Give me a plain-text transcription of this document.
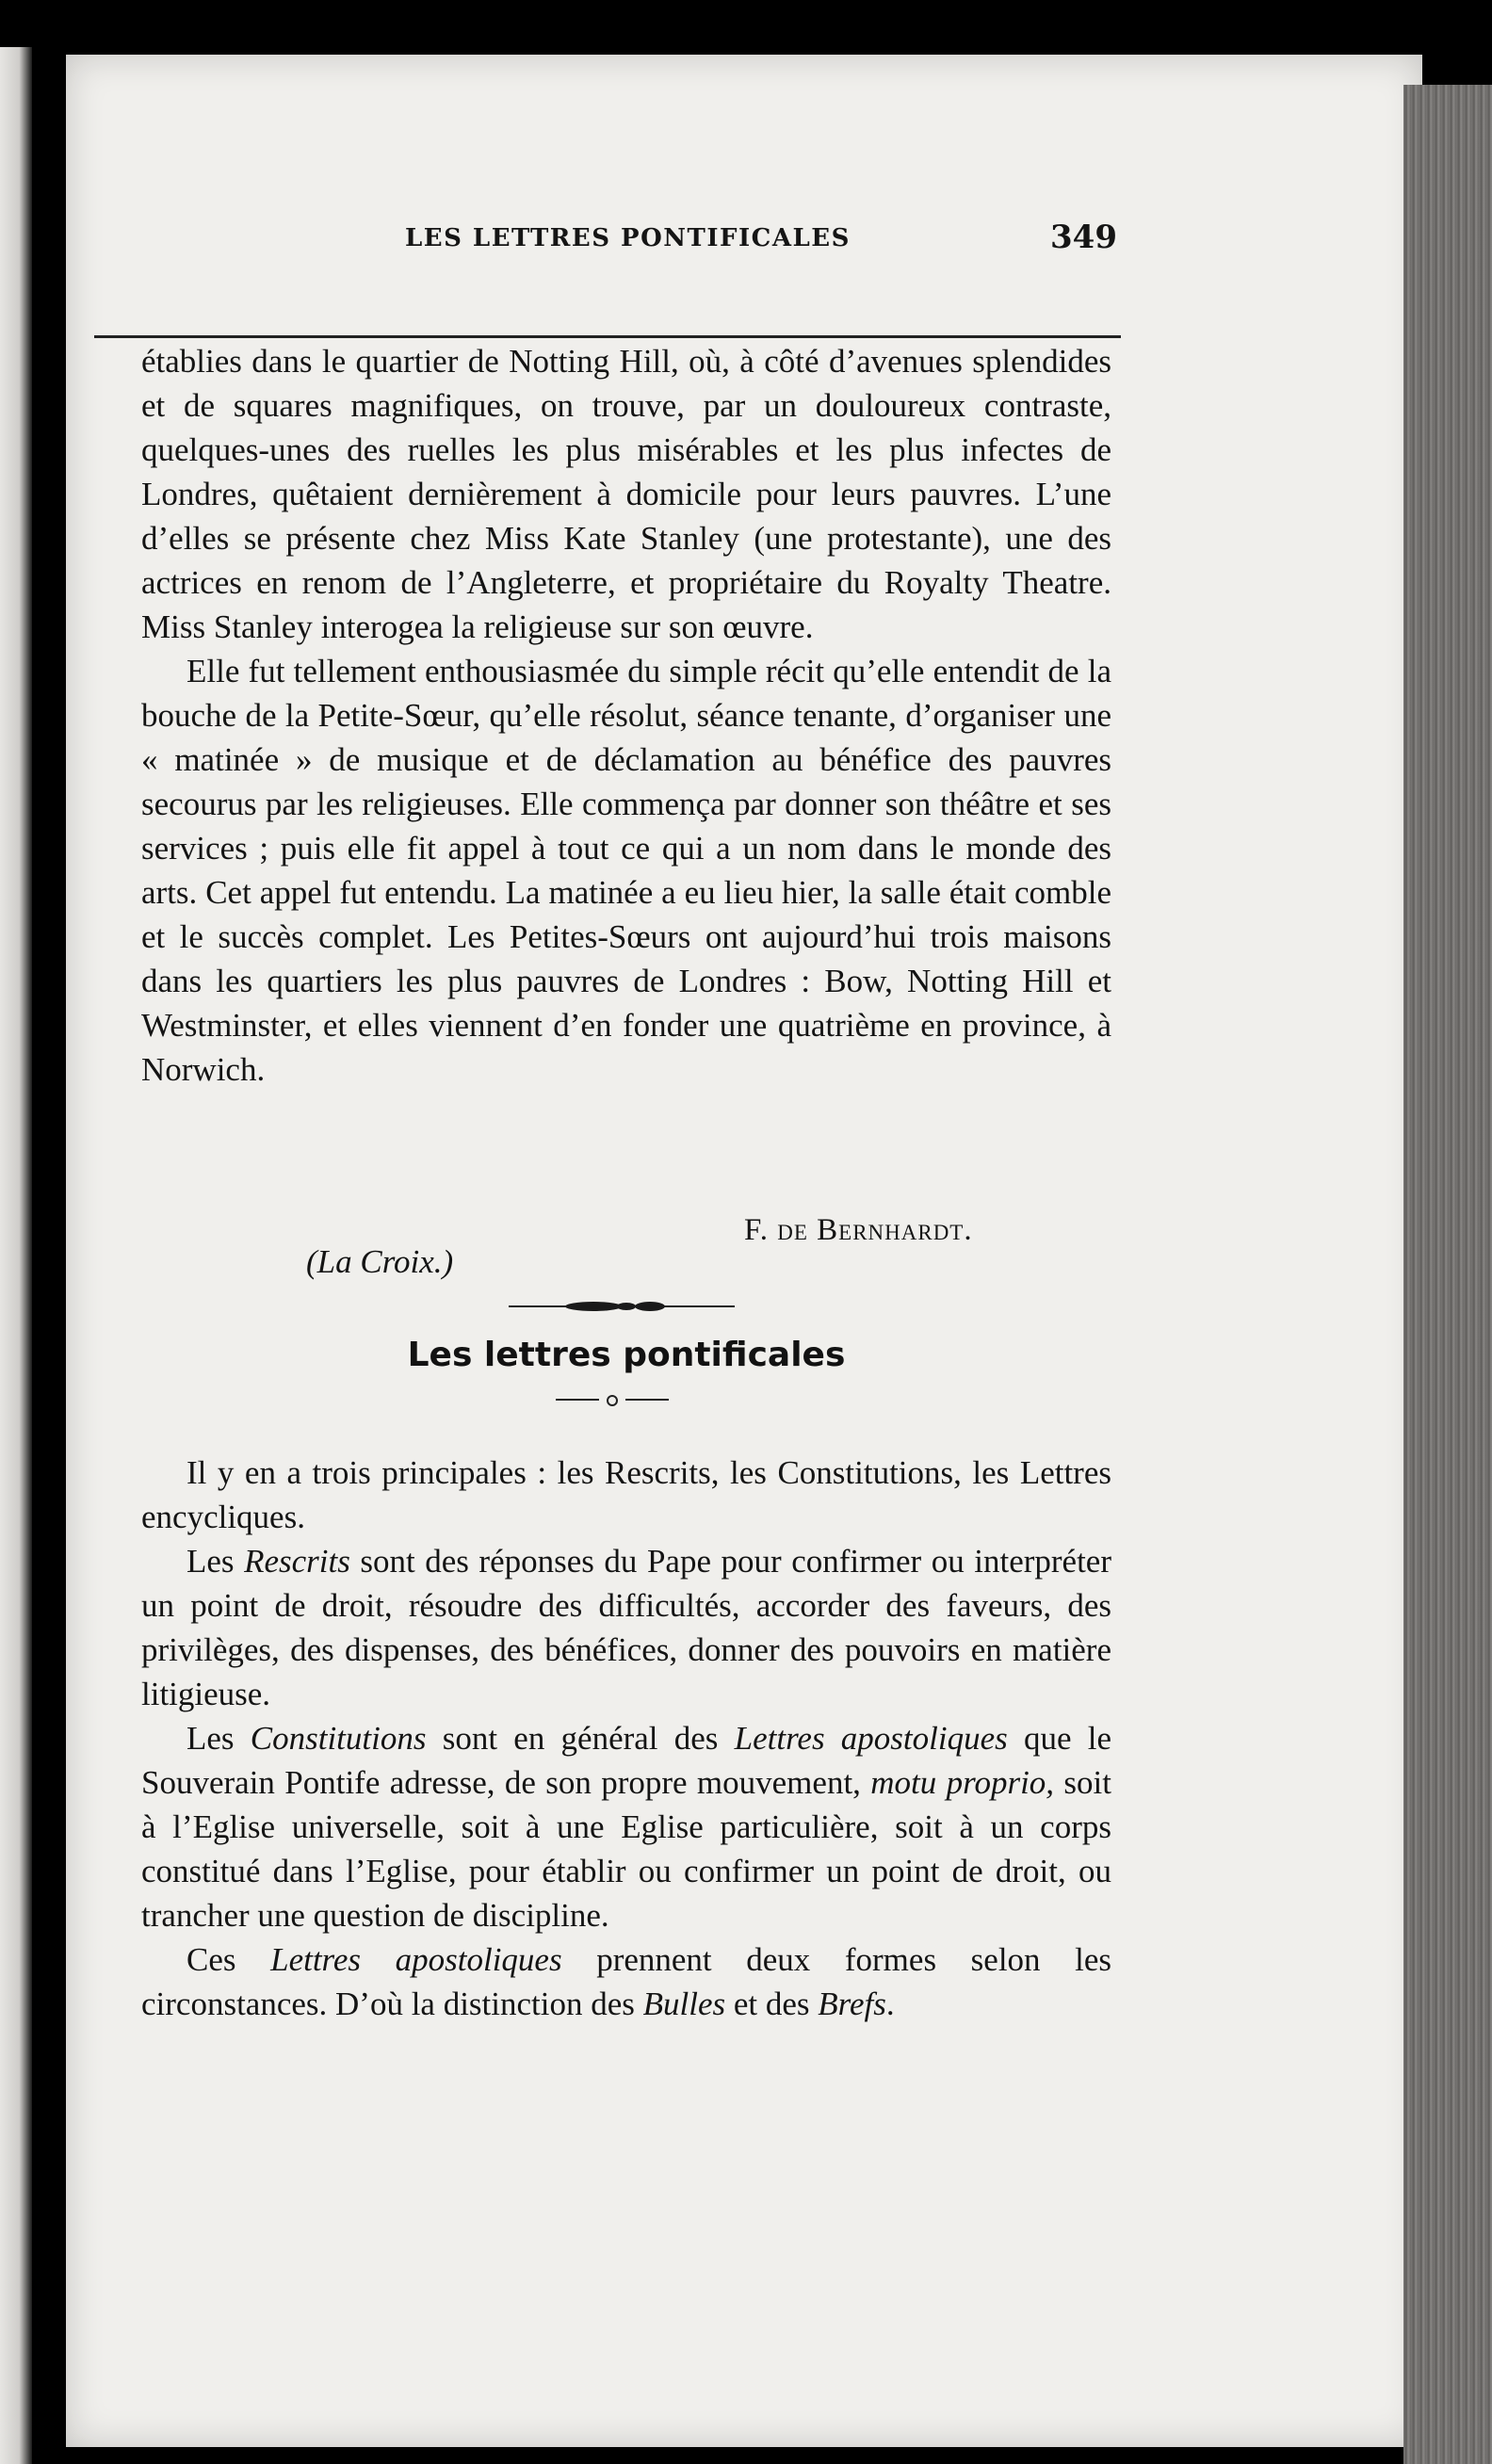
LES LETTRES PONTIFICALES	349

établies dans le quartier de Notting Hill, où, à côté d’avenues splendides et de squares magnifiques, on trouve, par un douloureux contraste, quelques-unes des ruelles les plus misérables et les plus infectes de Londres, quêtaient dernièrement à domicile pour leurs pauvres. L’une d’elles se présente chez Miss Kate Stanley (une protestante), une des actrices en renom de l’Angleterre, et propriétaire du Royalty Theatre. Miss Stanley interogea la religieuse sur son œuvre.

Elle fut tellement enthousiasmée du simple récit qu’elle entendit de la bouche de la Petite-Sœur, qu’elle résolut, séance tenante, d’organiser une « matinée » de musique et de déclamation au bénéfice des pauvres secourus par les religieuses. Elle commença par donner son théâtre et ses services ; puis elle fit appel à tout ce qui a un nom dans le monde des arts. Cet appel fut entendu. La matinée a eu lieu hier, la salle était comble et le succès complet. Les Petites-Sœurs ont aujourd’hui trois maisons dans les quartiers les plus pauvres de Londres : Bow, Notting Hill et Westminster, et elles viennent d’en fonder une quatrième en province, à Norwich.

F. de Bernhardt.
(La Croix.)
Les lettres pontificales

Il y en a trois principales : les Rescrits, les Constitutions, les Lettres encycliques.

Les Rescrits sont des réponses du Pape pour confirmer ou interpréter un point de droit, résoudre des difficultés, accorder des faveurs, des privilèges, des dispenses, des bénéfices, donner des pouvoirs en matière litigieuse.

Les Constitutions sont en général des Lettres apostoliques que le Souverain Pontife adresse, de son propre mouvement, motu proprio, soit à l’Eglise universelle, soit à une Eglise particulière, soit à un corps constitué dans l’Eglise, pour établir ou confirmer un point de droit, ou trancher une question de discipline.

Ces Lettres apostoliques prennent deux formes selon les circonstances. D’où la distinction des Bulles et des Brefs.
